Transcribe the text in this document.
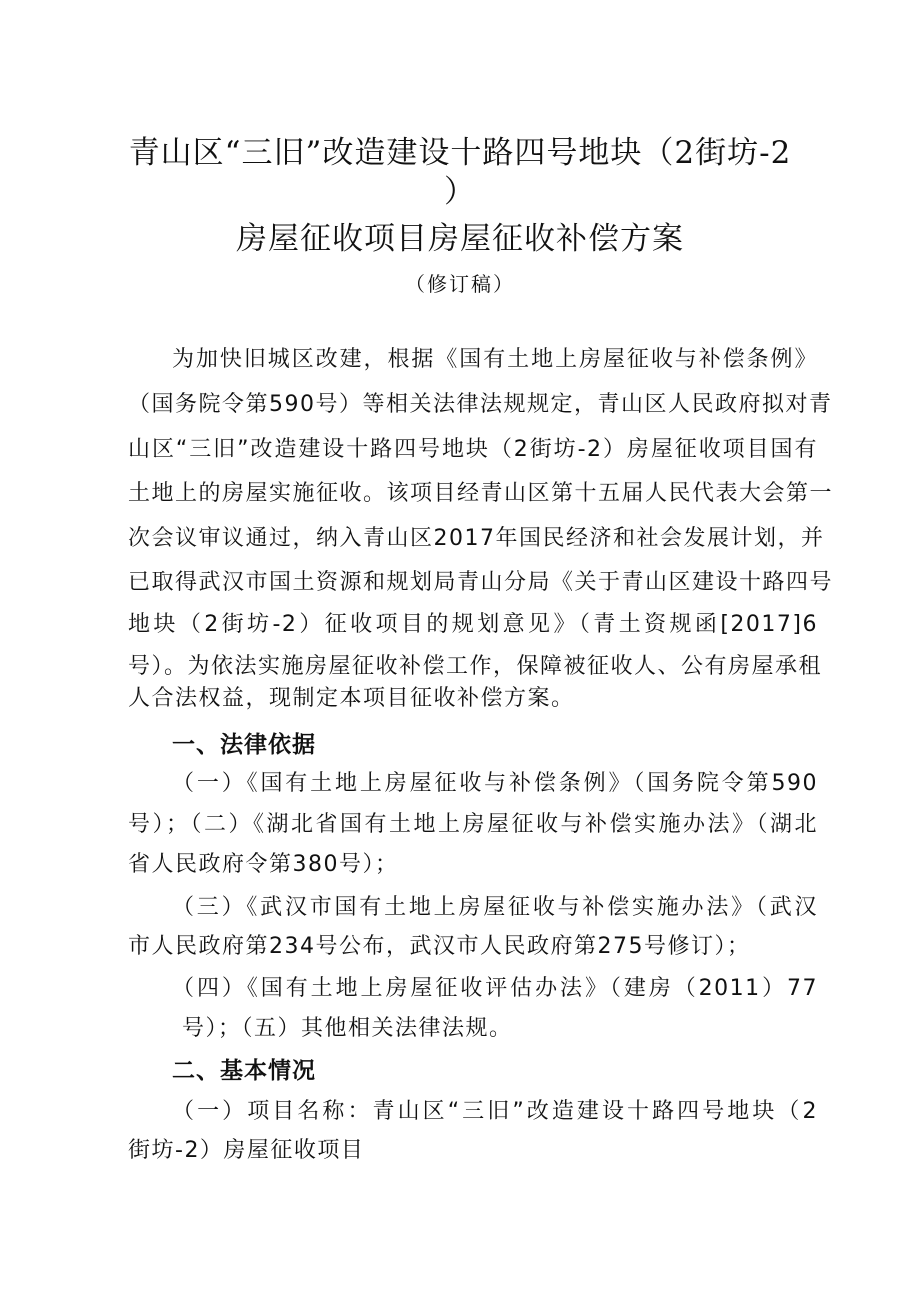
青山区“三旧”改造建设十路四号地块（2街坊-2
）
房屋征收项目房屋征收补偿方案
（修订稿）
为加快旧城区改建，根据《国有土地上房屋征收与补偿条例》
（国务院令第590号）等相关法律法规规定，青山区人民政府拟对青
山区“三旧”改造建设十路四号地块（2街坊-2）房屋征收项目国有
土地上的房屋实施征收。该项目经青山区第十五届人民代表大会第一
次会议审议通过，纳入青山区2017年国民经济和社会发展计划，并
已取得武汉市国土资源和规划局青山分局《关于青山区建设十路四号
地块（2街坊-2）征收项目的规划意见》（青土资规函[2017]6
号）。为依法实施房屋征收补偿工作，保障被征收人、公有房屋承租
人合法权益，现制定本项目征收补偿方案。
一、法律依据
（一）《国有土地上房屋征收与补偿条例》（国务院令第590
号）；（二）《湖北省国有土地上房屋征收与补偿实施办法》（湖北
省人民政府令第380号）；
（三）《武汉市国有土地上房屋征收与补偿实施办法》（武汉
市人民政府第234号公布，武汉市人民政府第275号修订）；
（四）《国有土地上房屋征收评估办法》（建房（2011）77
号）；（五）其他相关法律法规。
二、基本情况
（一）项目名称：青山区“三旧”改造建设十路四号地块（2
街坊-2）房屋征收项目
